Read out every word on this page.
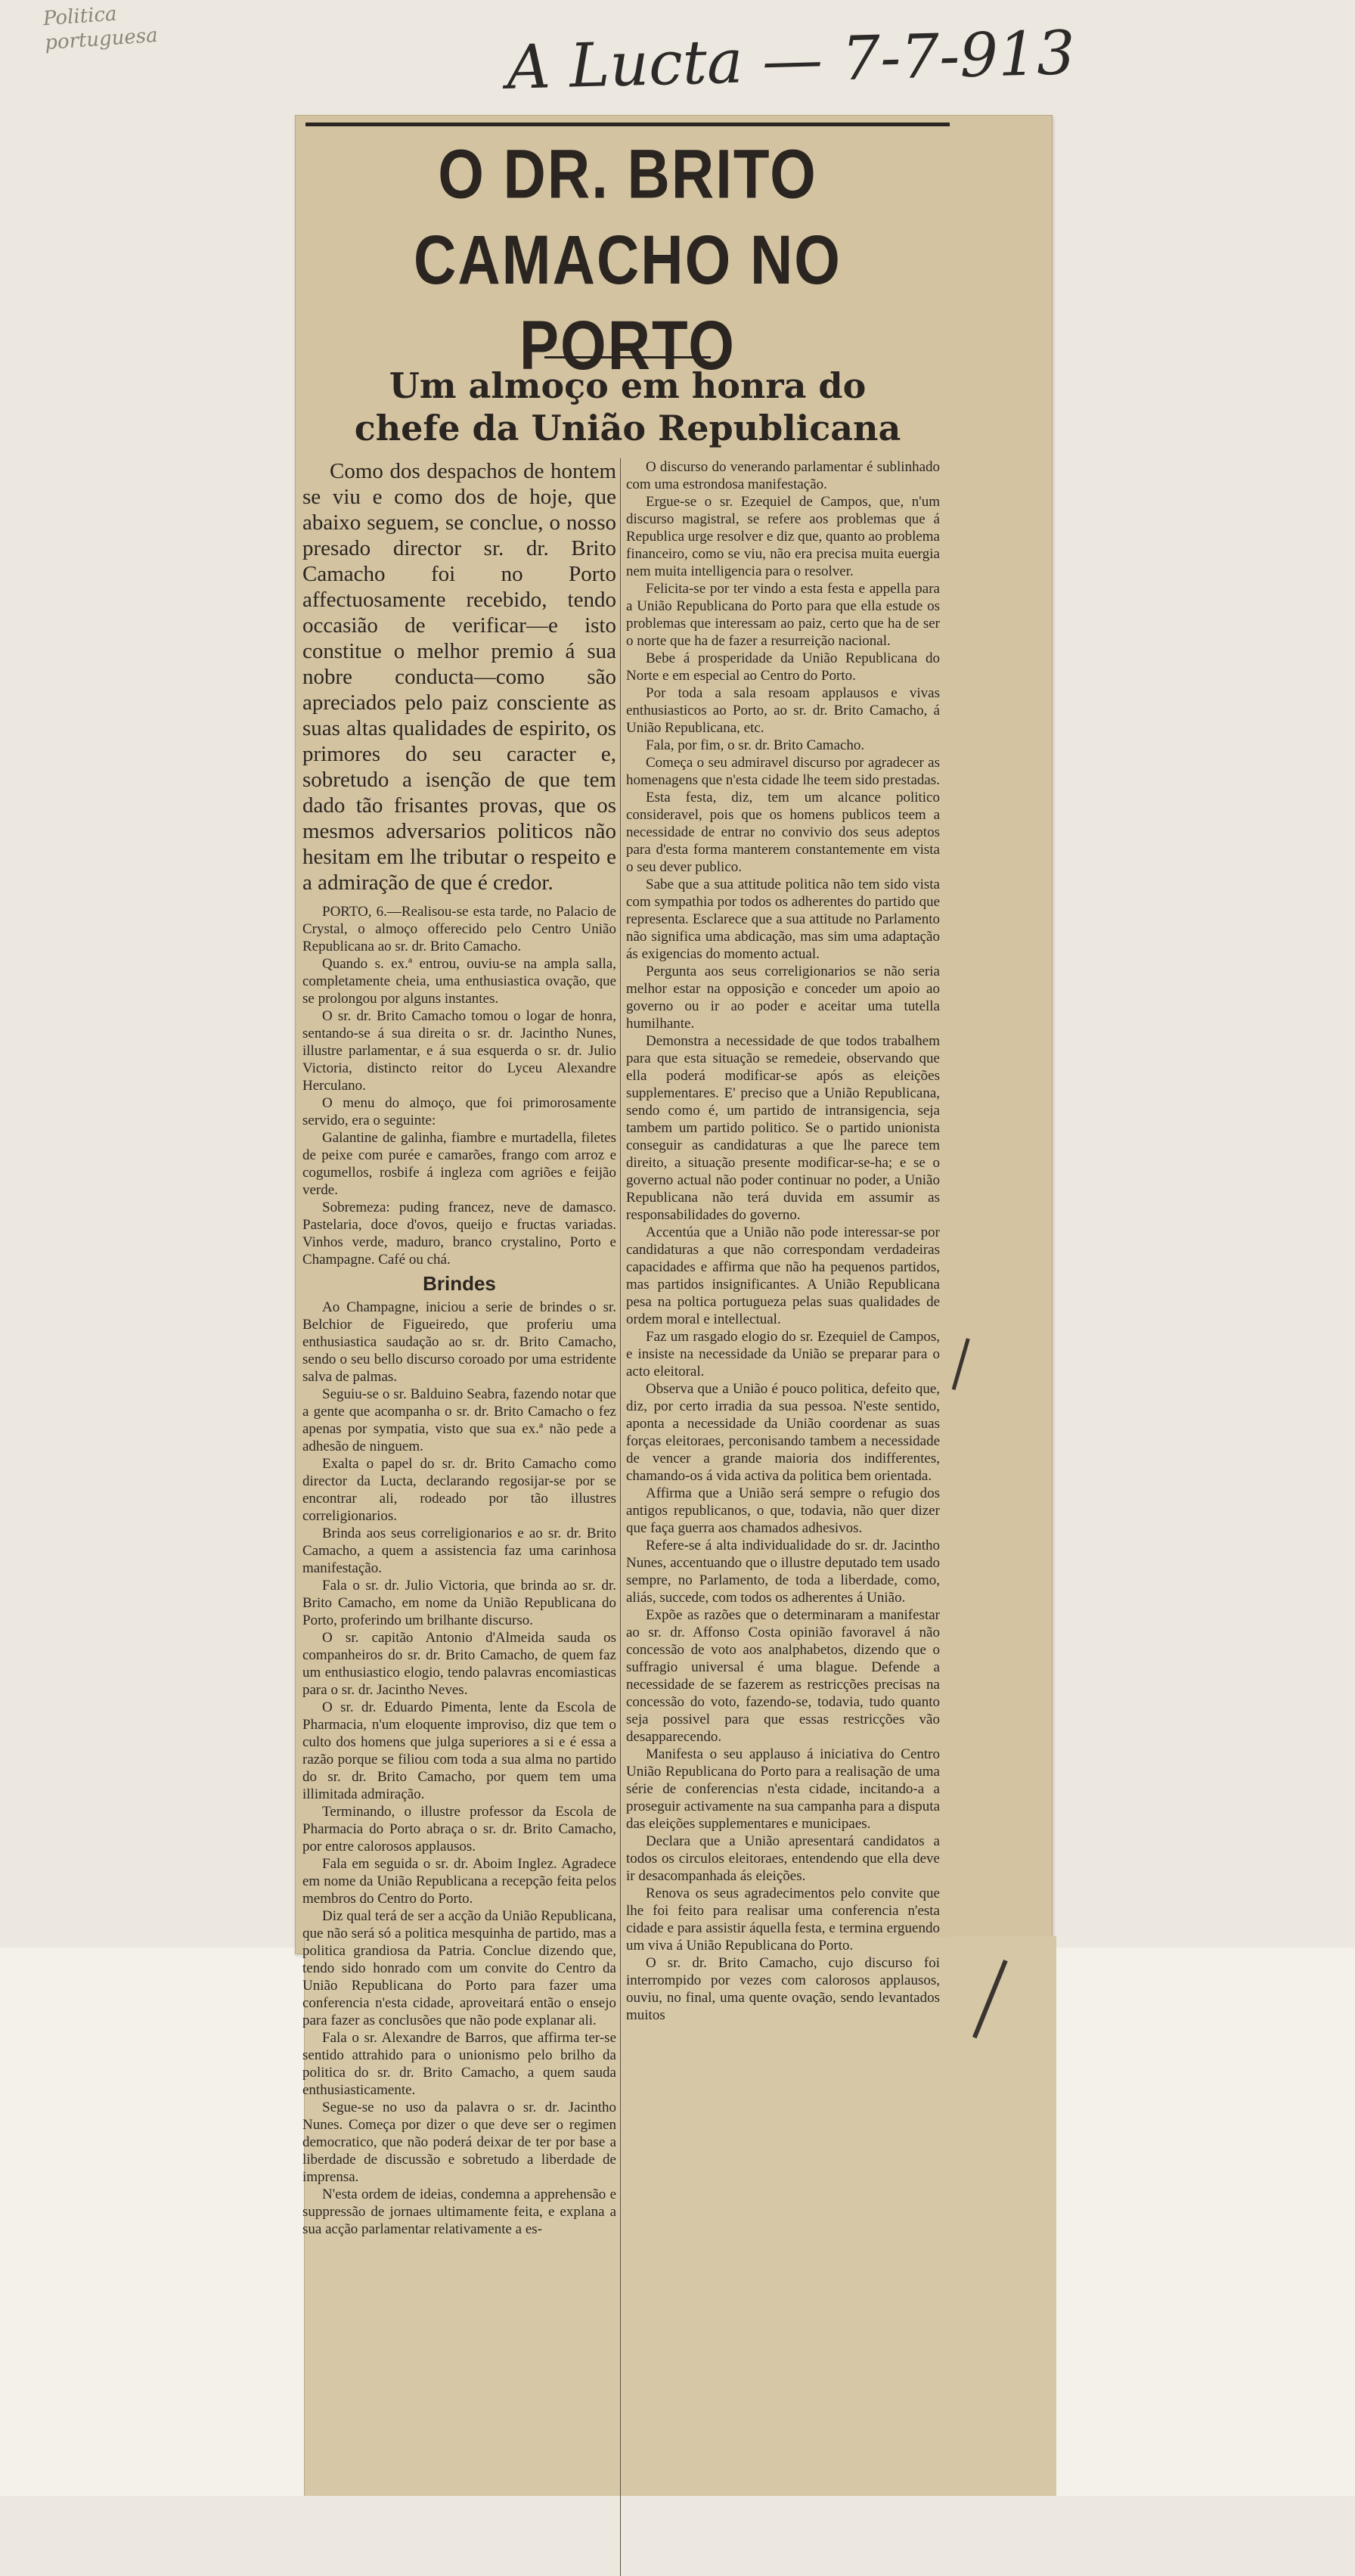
Politica portuguesa	A Lucta — 7-7-913
O DR. BRITO CAMACHO NO PORTO
Um almoço em honra do chefe da União Republicana

Como dos despachos de hontem se viu e como dos de hoje, que abaixo seguem, se conclue, o nosso presado director sr. dr. Brito Camacho foi no Porto affectuosamente recebido, tendo occasião de verificar—e isto constitue o melhor premio á sua nobre conducta—como são apreciados pelo paiz consciente as suas altas qualidades de espirito, os primores do seu caracter e, sobretudo a isenção de que tem dado tão frisantes provas, que os mesmos adversarios politicos não hesitam em lhe tributar o respeito e a admiração de que é credor.

PORTO, 6.—Realisou-se esta tarde, no Palacio de Crystal, o almoço offerecido pelo Centro União Republicana ao sr. dr. Brito Camacho.

Quando s. ex.ª entrou, ouviu-se na ampla salla, completamente cheia, uma enthusiastica ovação, que se prolongou por alguns instantes.

O sr. dr. Brito Camacho tomou o logar de honra, sentando-se á sua direita o sr. dr. Jacintho Nunes, illustre parlamentar, e á sua esquerda o sr. dr. Julio Victoria, distincto reitor do Lyceu Alexandre Herculano.

O menu do almoço, que foi primorosamente servido, era o seguinte:

Galantine de galinha, fiambre e murtadella, filetes de peixe com purée e camarões, frango com arroz e cogumellos, rosbife á ingleza com agriões e feijão verde.

Sobremeza: puding francez, neve de damasco. Pastelaria, doce d'ovos, queijo e fructas variadas. Vinhos verde, maduro, branco crystalino, Porto e Champagne. Café ou chá.

Brindes

Ao Champagne, iniciou a serie de brindes o sr. Belchior de Figueiredo, que proferiu uma enthusiastica saudação ao sr. dr. Brito Camacho, sendo o seu bello discurso coroado por uma estridente salva de palmas.

Seguiu-se o sr. Balduino Seabra, fazendo notar que a gente que acompanha o sr. dr. Brito Camacho o fez apenas por sympatia, visto que sua ex.ª não pede a adhesão de ninguem.

Exalta o papel do sr. dr. Brito Camacho como director da Lucta, declarando regosijar-se por se encontrar ali, rodeado por tão illustres correligionarios.

Brinda aos seus correligionarios e ao sr. dr. Brito Camacho, a quem a assistencia faz uma carinhosa manifestação.

Fala o sr. dr. Julio Victoria, que brinda ao sr. dr. Brito Camacho, em nome da União Republicana do Porto, proferindo um brilhante discurso.

O sr. capitão Antonio d'Almeida sauda os companheiros do sr. dr. Brito Camacho, de quem faz um enthusiastico elogio, tendo palavras encomiasticas para o sr. dr. Jacintho Neves.

O sr. dr. Eduardo Pimenta, lente da Escola de Pharmacia, n'um eloquente improviso, diz que tem o culto dos homens que julga superiores a si e é essa a razão porque se filiou com toda a sua alma no partido do sr. dr. Brito Camacho, por quem tem uma illimitada admiração.

Terminando, o illustre professor da Escola de Pharmacia do Porto abraça o sr. dr. Brito Camacho, por entre calorosos applausos.

Fala em seguida o sr. dr. Aboim Inglez. Agradece em nome da União Republicana a recepção feita pelos membros do Centro do Porto.

Diz qual terá de ser a acção da União Republicana, que não será só a politica mesquinha de partido, mas a politica grandiosa da Patria. Conclue dizendo que, tendo sido honrado com um convite do Centro da União Republicana do Porto para fazer uma conferencia n'esta cidade, aproveitará então o ensejo para fazer as conclusões que não pode explanar ali.

Fala o sr. Alexandre de Barros, que affirma ter-se sentido attrahido para o unionismo pelo brilho da politica do sr. dr. Brito Camacho, a quem sauda enthusiasticamente.

Segue-se no uso da palavra o sr. dr. Jacintho Nunes. Começa por dizer o que deve ser o regimen democratico, que não poderá deixar de ter por base a liberdade de discussão e sobretudo a liberdade de imprensa.

N'esta ordem de ideias, condemna a apprehensão e suppressão de jornaes ultimamente feita, e explana a sua acção parlamentar relativamente a es-

O discurso do venerando parlamentar é sublinhado com uma estrondosa manifestação.

Ergue-se o sr. Ezequiel de Campos, que, n'um discurso magistral, se refere aos problemas que á Republica urge resolver e diz que, quanto ao problema financeiro, como se viu, não era precisa muita euergia nem muita intelligencia para o resolver.

Felicita-se por ter vindo a esta festa e appella para a União Republicana do Porto para que ella estude os problemas que interessam ao paiz, certo que ha de ser o norte que ha de fazer a resurreição nacional.

Bebe á prosperidade da União Republicana do Norte e em especial ao Centro do Porto.

Por toda a sala resoam applausos e vivas enthusiasticos ao Porto, ao sr. dr. Brito Camacho, á União Republicana, etc.

Fala, por fim, o sr. dr. Brito Camacho.

Começa o seu admiravel discurso por agradecer as homenagens que n'esta cidade lhe teem sido prestadas.

Esta festa, diz, tem um alcance politico consideravel, pois que os homens publicos teem a necessidade de entrar no convivio dos seus adeptos para d'esta forma manterem constantemente em vista o seu dever publico.

Sabe que a sua attitude politica não tem sido vista com sympathia por todos os adherentes do partido que representa. Esclarece que a sua attitude no Parlamento não significa uma abdicação, mas sim uma adaptação ás exigencias do momento actual.

Pergunta aos seus correligionarios se não seria melhor estar na opposição e conceder um apoio ao governo ou ir ao poder e aceitar uma tutella humilhante.

Demonstra a necessidade de que todos trabalhem para que esta situação se remedeie, observando que ella poderá modificar-se após as eleições supplementares. E' preciso que a União Republicana, sendo como é, um partido de intransigencia, seja tambem um partido politico. Se o partido unionista conseguir as candidaturas a que lhe parece tem direito, a situação presente modificar-se-ha; e se o governo actual não poder continuar no poder, a União Republicana não terá duvida em assumir as responsabilidades do governo.

Accentúa que a União não pode interessar-se por candidaturas a que não correspondam verdadeiras capacidades e affirma que não ha pequenos partidos, mas partidos insignificantes. A União Republicana pesa na poltica portugueza pelas suas qualidades de ordem moral e intellectual.

Faz um rasgado elogio do sr. Ezequiel de Campos, e insiste na necessidade da União se preparar para o acto eleitoral.

Observa que a União é pouco politica, defeito que, diz, por certo irradia da sua pessoa. N'este sentido, aponta a necessidade da União coordenar as suas forças eleitoraes, perconisando tambem a necessidade de vencer a grande maioria dos indifferentes, chamando-os á vida activa da politica bem orientada.

Affirma que a União será sempre o refugio dos antigos republicanos, o que, todavia, não quer dizer que faça guerra aos chamados adhesivos.

Refere-se á alta individualidade do sr. dr. Jacintho Nunes, accentuando que o illustre deputado tem usado sempre, no Parlamento, de toda a liberdade, como, aliás, succede, com todos os adherentes á União.

Expõe as razões que o determinaram a manifestar ao sr. dr. Affonso Costa opinião favoravel á não concessão de voto aos analphabetos, dizendo que o suffragio universal é uma blague. Defende a necessidade de se fazerem as restricções precisas na concessão do voto, fazendo-se, todavia, tudo quanto seja possivel para que essas restricções vão desapparecendo.

Manifesta o seu applauso á iniciativa do Centro União Republicana do Porto para a realisação de uma série de conferencias n'esta cidade, incitando-a a proseguir activamente na sua campanha para a disputa das eleições supplementares e municipaes.

Declara que a União apresentará candidatos a todos os circulos eleitoraes, entendendo que ella deve ir desacompanhada ás eleições.

Renova os seus agradecimentos pelo convite que lhe foi feito para realisar uma conferencia n'esta cidade e para assistir áquella festa, e termina erguendo um viva á União Republicana do Porto.

O sr. dr. Brito Camacho, cujo discurso foi interrompido por vezes com calorosos applausos, ouviu, no final, uma quente ovação, sendo levantados muitos
